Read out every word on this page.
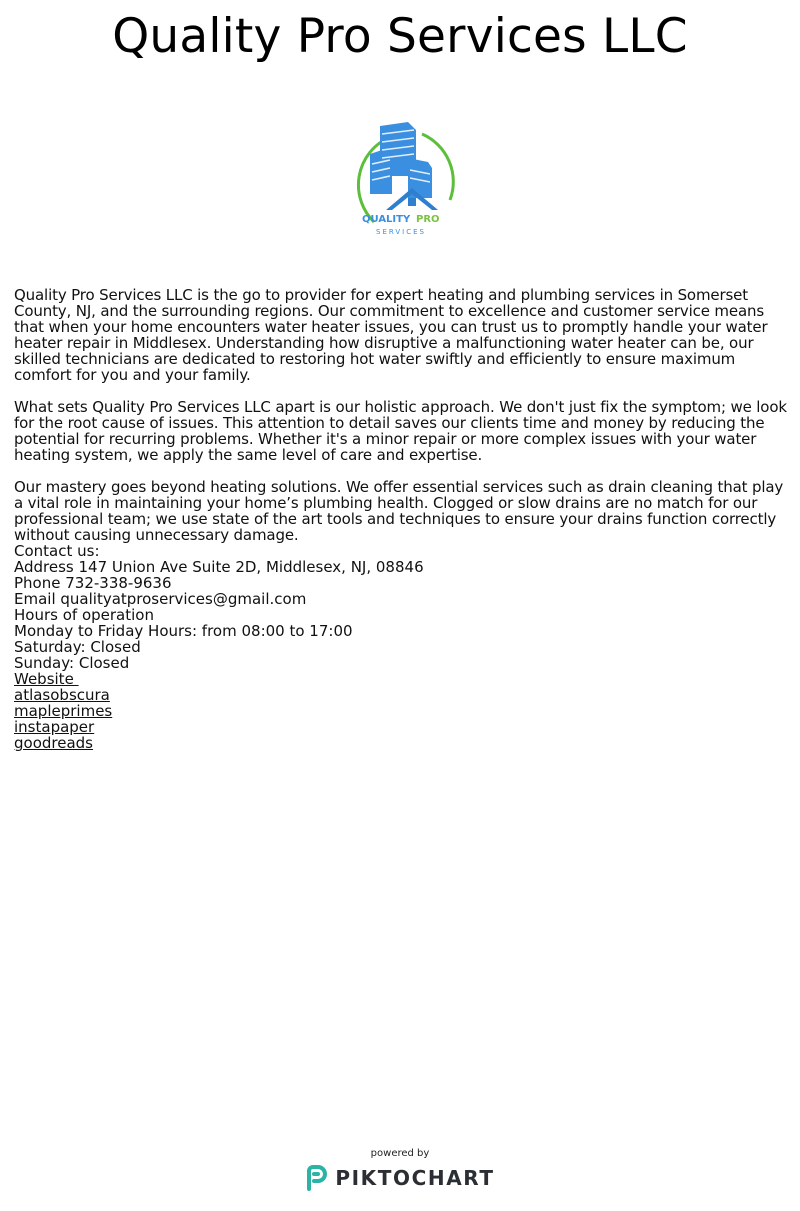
Quality Pro Services LLC
QUALITY PRO
SERVICES

Quality Pro Services LLC is the go to provider for expert heating and plumbing services in Somerset County, NJ, and the surrounding regions. Our commitment to excellence and customer service means that when your home encounters water heater issues, you can trust us to promptly handle your water heater repair in Middlesex. Understanding how disruptive a malfunctioning water heater can be, our skilled technicians are dedicated to restoring hot water swiftly and efficiently to ensure maximum comfort for you and your family.

What sets Quality Pro Services LLC apart is our holistic approach. We don't just fix the symptom; we look for the root cause of issues. This attention to detail saves our clients time and money by reducing the potential for recurring problems. Whether it's a minor repair or more complex issues with your water heating system, we apply the same level of care and expertise.

Our mastery goes beyond heating solutions. We offer essential services such as drain cleaning that play a vital role in maintaining your home’s plumbing health. Clogged or slow drains are no match for our professional team; we use state of the art tools and techniques to ensure your drains function correctly without causing unnecessary damage.

Contact us:
Address 147 Union Ave Suite 2D, Middlesex, NJ, 08846
Phone 732-338-9636
Email qualityatproservices@gmail.com
Hours of operation
Monday to Friday Hours: from 08:00 to 17:00
Saturday: Closed
Sunday: Closed
Website
atlasobscura
mapleprimes
instapaper
goodreads
powered by
PIKTOCHART
